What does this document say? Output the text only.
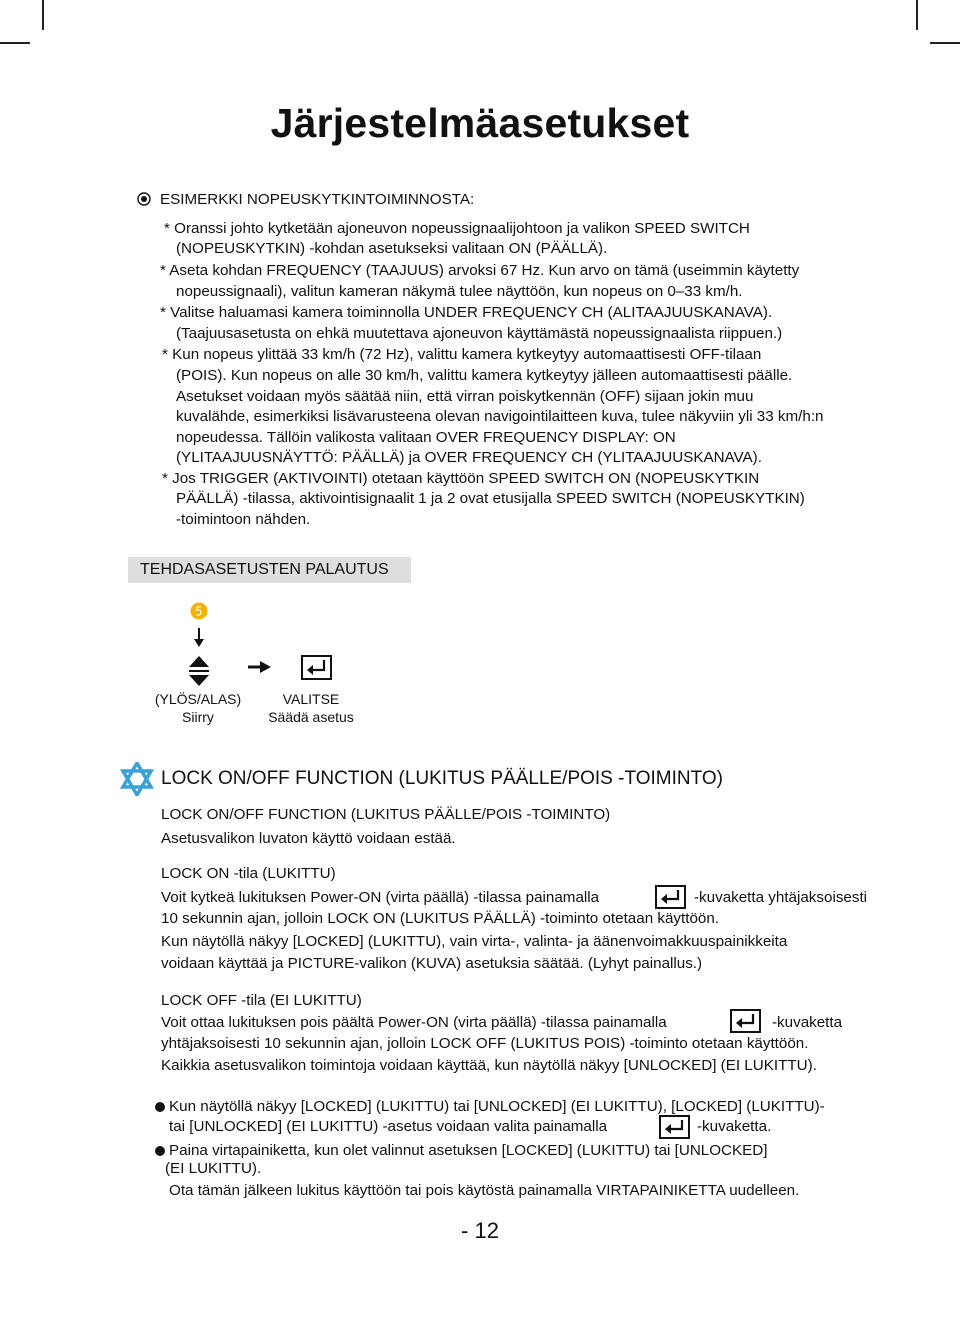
Järjestelmäasetukset
ESIMERKKI NOPEUSKYTKINTOIMINNOSTA:
* Oranssi johto kytketään ajoneuvon nopeussignaalijohtoon ja valikon SPEED SWITCH
(NOPEUSKYTKIN) -kohdan asetukseksi valitaan ON (PÄÄLLÄ).
* Aseta kohdan FREQUENCY (TAAJUUS) arvoksi 67 Hz. Kun arvo on tämä (useimmin käytetty
nopeussignaali), valitun kameran näkymä tulee näyttöön, kun nopeus on 0–33 km/h.
* Valitse haluamasi kamera toiminnolla UNDER FREQUENCY CH (ALITAAJUUSKANAVA).
(Taajuusasetusta on ehkä muutettava ajoneuvon käyttämästä nopeussignaalista riippuen.)
* Kun nopeus ylittää 33 km/h (72 Hz), valittu kamera kytkeytyy automaattisesti OFF-tilaan
(POIS). Kun nopeus on alle 30 km/h, valittu kamera kytkeytyy jälleen automaattisesti päälle.
Asetukset voidaan myös säätää niin, että virran poiskytkennän (OFF) sijaan jokin muu
kuvalähde, esimerkiksi lisävarusteena olevan navigointilaitteen kuva, tulee näkyviin yli 33 km/h:n
nopeudessa. Tällöin valikosta valitaan OVER FREQUENCY DISPLAY: ON
(YLITAAJUUSNÄYTTÖ: PÄÄLLÄ) ja OVER FREQUENCY CH (YLITAAJUUSKANAVA).
* Jos TRIGGER (AKTIVOINTI) otetaan käyttöön SPEED SWITCH ON (NOPEUSKYTKIN
PÄÄLLÄ) -tilassa, aktivointisignaalit 1 ja 2 ovat etusijalla SPEED SWITCH (NOPEUSKYTKIN)
-toimintoon nähden.
TEHDASASETUSTEN PALAUTUS
5
(YLÖS/ALAS)
Siirry
VALITSE
Säädä asetus
LOCK ON/OFF FUNCTION (LUKITUS PÄÄLLE/POIS -TOIMINTO)
LOCK ON/OFF FUNCTION (LUKITUS PÄÄLLE/POIS -TOIMINTO)
Asetusvalikon luvaton käyttö voidaan estää.
LOCK ON -tila (LUKITTU)
Voit kytkeä lukituksen Power-ON (virta päällä) -tilassa painamalla	-kuvaketta yhtäjaksoisesti
10 sekunnin ajan, jolloin LOCK ON (LUKITUS PÄÄLLÄ) -toiminto otetaan käyttöön.
Kun näytöllä näkyy [LOCKED] (LUKITTU), vain virta-, valinta- ja äänenvoimakkuuspainikkeita
voidaan käyttää ja PICTURE-valikon (KUVA) asetuksia säätää. (Lyhyt painallus.)
LOCK OFF -tila (EI LUKITTU)
Voit ottaa lukituksen pois päältä Power-ON (virta päällä) -tilassa painamalla	-kuvaketta
yhtäjaksoisesti 10 sekunnin ajan, jolloin LOCK OFF (LUKITUS POIS) -toiminto otetaan käyttöön.
Kaikkia asetusvalikon toimintoja voidaan käyttää, kun näytöllä näkyy [UNLOCKED] (EI LUKITTU).
Kun näytöllä näkyy [LOCKED] (LUKITTU) tai [UNLOCKED] (EI LUKITTU), [LOCKED] (LUKITTU)-
tai [UNLOCKED] (EI LUKITTU) -asetus voidaan valita painamalla	-kuvaketta.
Paina virtapainiketta, kun olet valinnut asetuksen [LOCKED] (LUKITTU) tai [UNLOCKED]
(EI LUKITTU).
Ota tämän jälkeen lukitus käyttöön tai pois käytöstä painamalla VIRTAPAINIKETTA uudelleen.
- 12
